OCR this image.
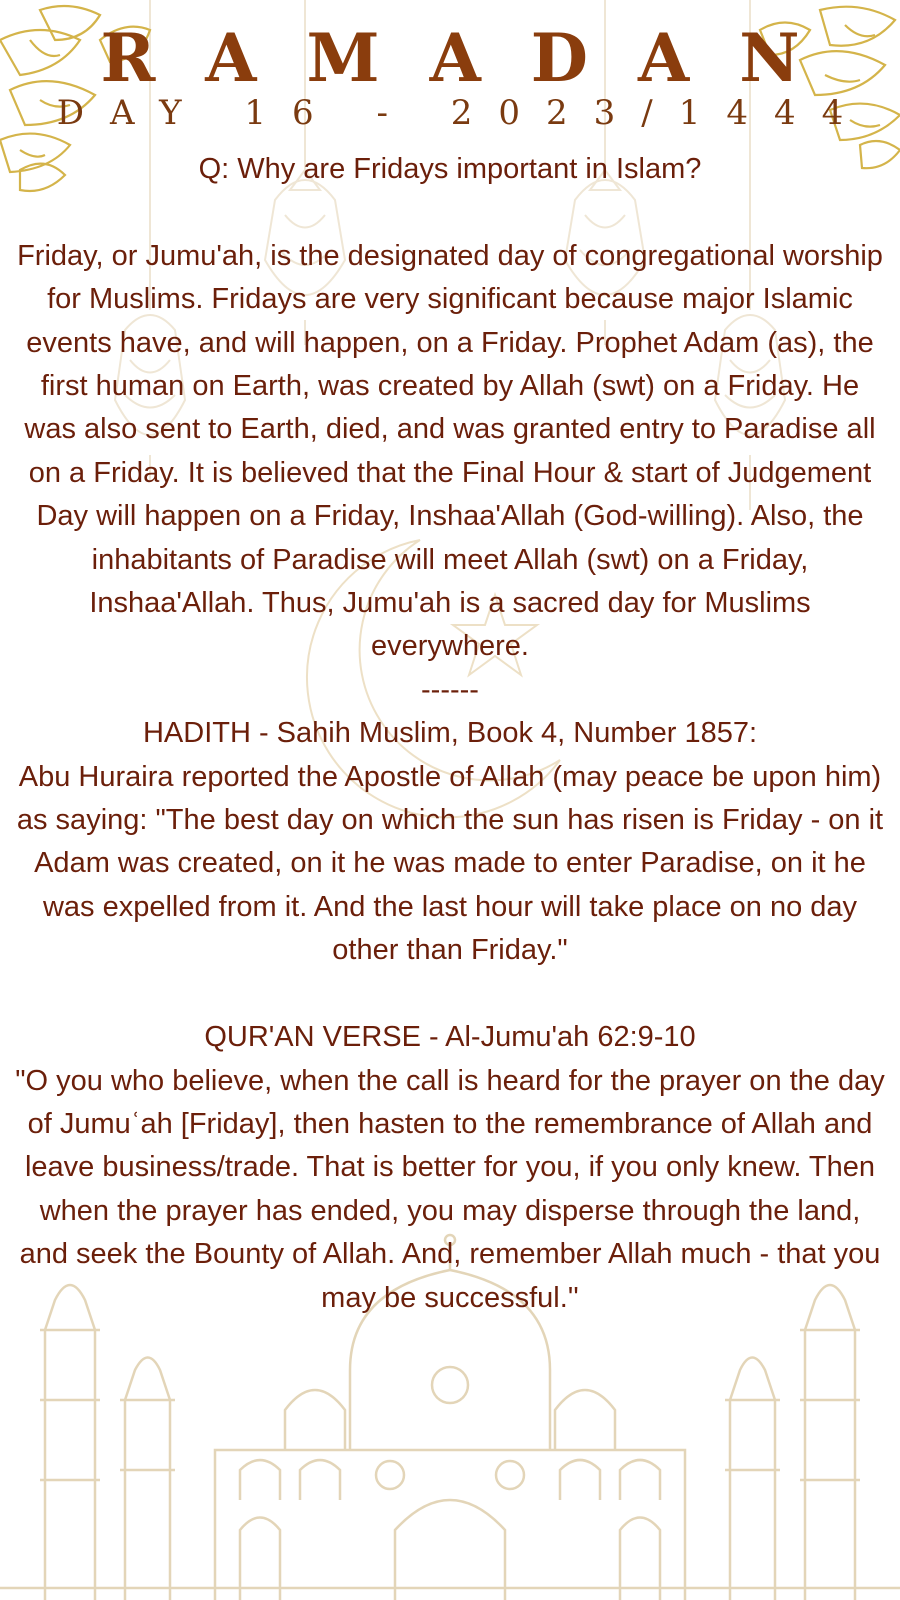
RAMADAN
DAY 16 - 2023/1444

Q: Why are Fridays important in Islam?

Friday, or Jumu'ah, is the designated day of congregational worship for Muslims. Fridays are very significant because major Islamic events have, and will happen, on a Friday. Prophet Adam (as), the first human on Earth, was created by Allah (swt) on a Friday. He was also sent to Earth, died, and was granted entry to Paradise all on a Friday. It is believed that the Final Hour & start of Judgement Day will happen on a Friday, Inshaa'Allah (God-willing). Also, the inhabitants of Paradise will meet Allah (swt) on a Friday, Inshaa'Allah. Thus, Jumu'ah is a sacred day for Muslims everywhere.

------

HADITH - Sahih Muslim, Book 4, Number 1857:

Abu Huraira reported the Apostle of Allah (may peace be upon him) as saying: "The best day on which the sun has risen is Friday - on it Adam was created, on it he was made to enter Paradise, on it he was expelled from it. And the last hour will take place on no day other than Friday."

QUR'AN VERSE - Al-Jumu'ah 62:9-10

"O you who believe, when the call is heard for the prayer on the day of Jumuʿah [Friday], then hasten to the remembrance of Allah and leave business/trade. That is better for you, if you only knew. Then when the prayer has ended, you may disperse through the land, and seek the Bounty of Allah. And, remember Allah much - that you may be successful.''
